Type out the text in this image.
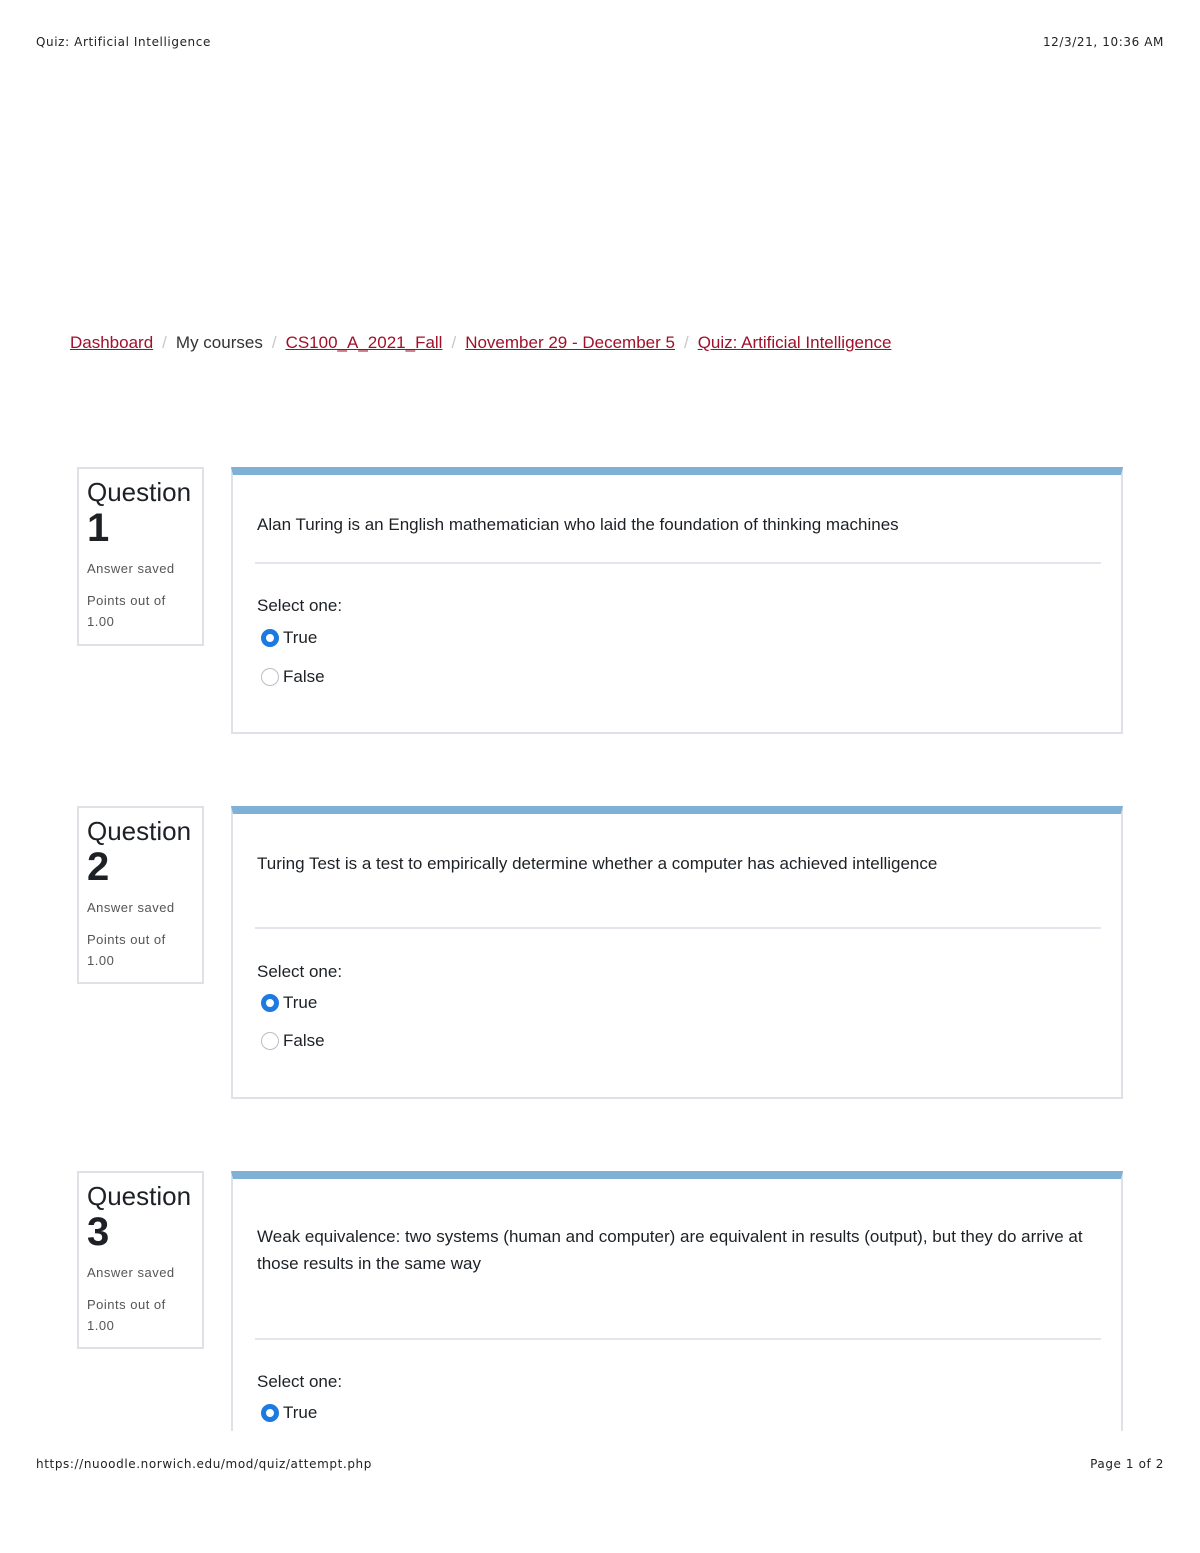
Quiz: Artificial Intelligence	12/3/21, 10:36 AM
Dashboard / My courses / CS100_A_2021_Fall / November 29 - December 5 / Quiz: Artificial Intelligence
Question
1
Answer saved
Points out of
1.00
Alan Turing is an English mathematician who laid the foundation of thinking machines
Select one:
True
False
Question
2
Answer saved
Points out of
1.00
Turing Test is a test to empirically determine whether a computer has achieved intelligence
Select one:
True
False
Question
3
Answer saved
Points out of
1.00
Weak equivalence: two systems (human and computer) are equivalent in results (output), but they do arrive at those results in the same way
Select one:
True
https://nuoodle.norwich.edu/mod/quiz/attempt.php	Page 1 of 2
